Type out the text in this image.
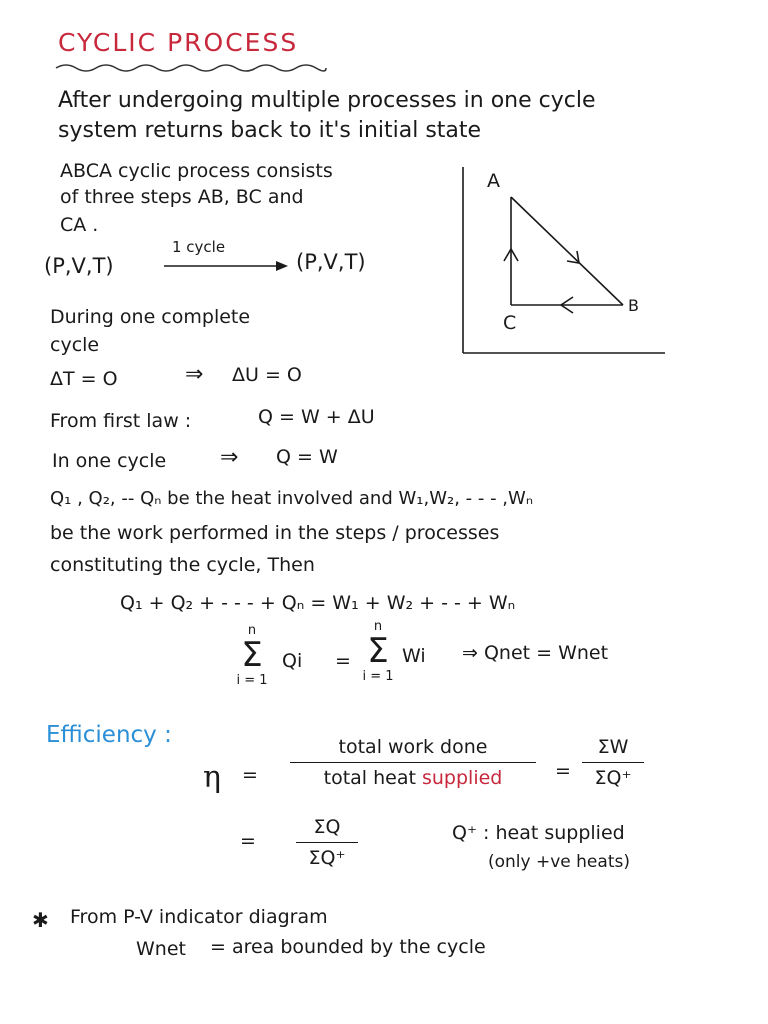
CYCLIC PROCESS
After undergoing multiple processes in one cycle
system returns back to it's initial state
ABCA cyclic process consists
of three steps AB, BC and
CA .
(P,V,T)
1 cycle
(P,V,T)
A
B
C
During one complete
cycle
ΔT = O	⇒ ΔU = O
From first law :	Q = W + ΔU
In one cycle ⇒ Q = W
Q₁ , Q₂, -- Qₙ be the heat involved and W₁,W₂, - - - ,Wₙ
be the work performed in the steps / processes
constituting the cycle, Then
Q₁ + Q₂ + - - - + Qₙ = W₁ + W₂ + - - + Wₙ
n
Σ
i = 1
Qi =
n
Σ
i = 1
Wi ⇒ Qnet = Wnet
Efficiency :
η =
total work done
total heat supplied	=
ΣW
ΣQ⁺
=
ΣQ
ΣQ⁺
Q⁺ : heat supplied
(only +ve heats)
✱ From P-V indicator diagram
Wnet = area bounded by the cycle
